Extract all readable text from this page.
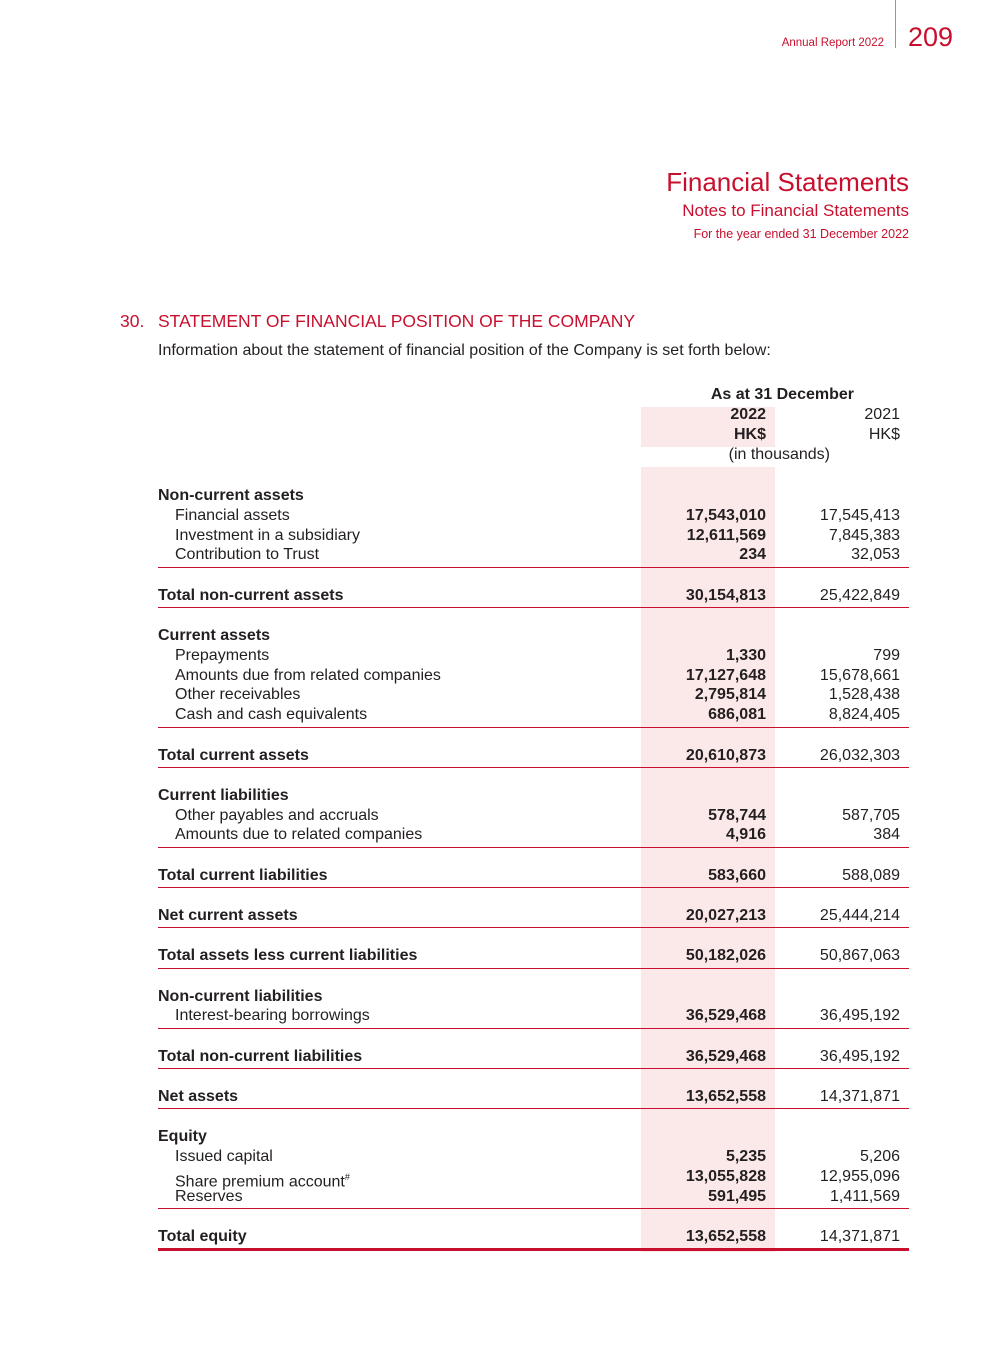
Annual Report 2022 209
Financial Statements
Notes to Financial Statements
For the year ended 31 December 2022
30. STATEMENT OF FINANCIAL POSITION OF THE COMPANY
Information about the statement of financial position of the Company is set forth below:
As at 31 December
2022	2021
HK$	HK$
(in thousands)
Non-current assets
Financial assets	17,543,010	17,545,413
Investment in a subsidiary	12,611,569	7,845,383
Contribution to Trust	234	32,053
Total non-current assets	30,154,813	25,422,849
Current assets
Prepayments	1,330	799
Amounts due from related companies	17,127,648	15,678,661
Other receivables	2,795,814	1,528,438
Cash and cash equivalents	686,081	8,824,405
Total current assets	20,610,873	26,032,303
Current liabilities
Other payables and accruals	578,744	587,705
Amounts due to related companies	4,916	384
Total current liabilities	583,660	588,089
Net current assets	20,027,213	25,444,214
Total assets less current liabilities	50,182,026	50,867,063
Non-current liabilities
Interest-bearing borrowings	36,529,468	36,495,192
Total non-current liabilities	36,529,468	36,495,192
Net assets	13,652,558	14,371,871
Equity
Issued capital	5,235	5,206
Share premium account#	13,055,828	12,955,096
Reserves	591,495	1,411,569
Total equity	13,652,558	14,371,871
